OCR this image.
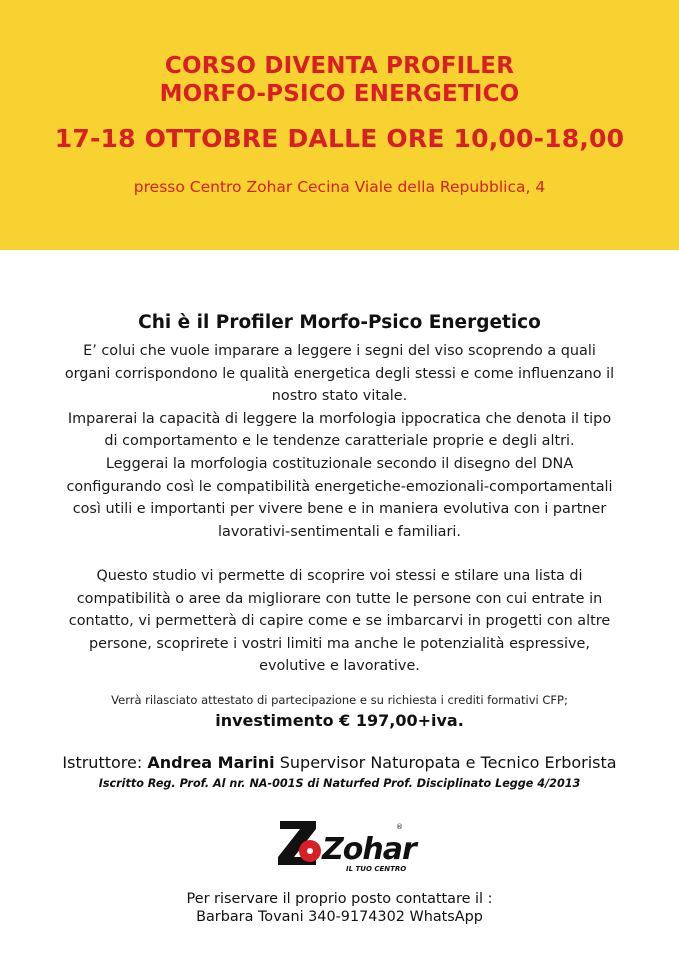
CORSO DIVENTA PROFILER
MORFO-PSICO ENERGETICO
17-18 OTTOBRE DALLE ORE 10,00-18,00
presso Centro Zohar Cecina Viale della Repubblica, 4
Chi è il Profiler Morfo-Psico Energetico
E’ colui che vuole imparare a leggere i segni del viso scoprendo a quali
organi corrispondono le qualità energetica degli stessi e come influenzano il
nostro stato vitale.
Imparerai la capacità di leggere la morfologia ippocratica che denota il tipo
di comportamento e le tendenze caratteriale proprie e degli altri.
Leggerai la morfologia costituzionale secondo il disegno del DNA
configurando così le compatibilità energetiche-emozionali-comportamentali
così utili e importanti per vivere bene e in maniera evolutiva con i partner
lavorativi-sentimentali e familiari.
Questo studio vi permette di scoprire voi stessi e stilare una lista di
compatibilità o aree da migliorare con tutte le persone con cui entrate in
contatto, vi permetterà di capire come e se imbarcarvi in progetti con altre
persone, scoprirete i vostri limiti ma anche le potenzialità espressive,
evolutive e lavorative.
Verrà rilasciato attestato di partecipazione e su richiesta i crediti formativi CFP;
investimento € 197,00+iva.
Istruttore: Andrea Marini Supervisor Naturopata e Tecnico Erborista
Iscritto Reg. Prof. Al nr. NA-001S di Naturfed Prof. Disciplinato Legge 4/2013
Zohar
®
IL TUO CENTRO
Per riservare il proprio posto contattare il :
Barbara Tovani 340-9174302 WhatsApp
